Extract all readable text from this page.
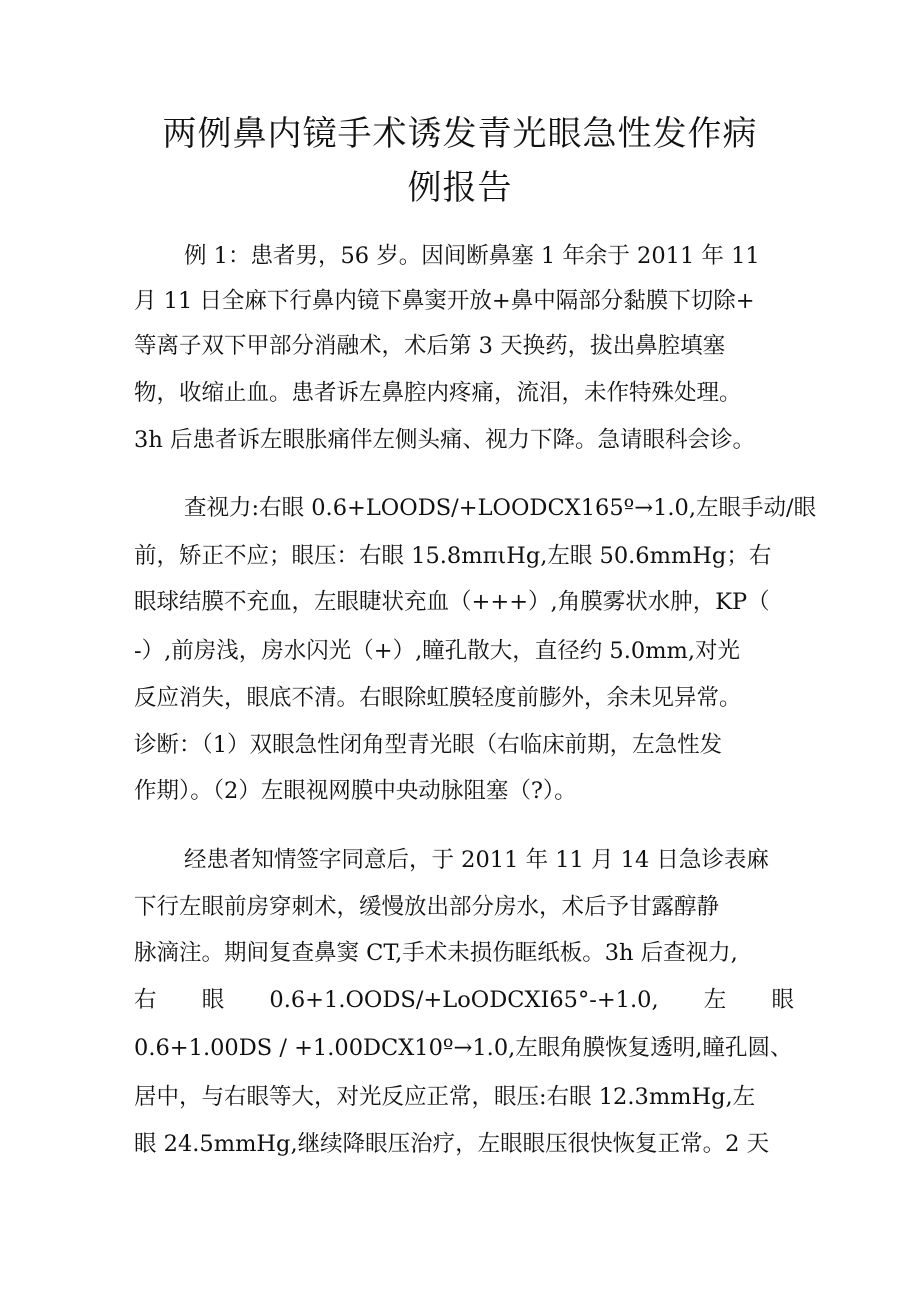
两例鼻内镜手术诱发青光眼急性发作病
例报告
例 1：患者男，56 岁。因间断鼻塞 1 年余于 2011 年 11
月 11 日全麻下行鼻内镜下鼻窦开放+鼻中隔部分黏膜下切除+
等离子双下甲部分消融术，术后第 3 天换药，拔出鼻腔填塞
物，收缩止血。患者诉左鼻腔内疼痛，流泪，未作特殊处理。
3h 后患者诉左眼胀痛伴左侧头痛、视力下降。急请眼科会诊。
查视力:右眼 0.6+LOODS/+LOODCX165º→1.0,左眼手动/眼
前，矫正不应；眼压：右眼 15.8mπιHg,左眼 50.6mmHg；右
眼球结膜不充血，左眼睫状充血（+++）,角膜雾状水肿，KP（
-）,前房浅，房水闪光（+）,瞳孔散大，直径约 5.0mm,对光
反应消失，眼底不清。右眼除虹膜轻度前膨外，余未见异常。
诊断：（1）双眼急性闭角型青光眼（右临床前期，左急性发
作期）。（2）左眼视网膜中央动脉阻塞（?）。
经患者知情签字同意后，于 2011 年 11 月 14 日急诊表麻
下行左眼前房穿刺术，缓慢放出部分房水，术后予甘露醇静
脉滴注。期间复查鼻窦 CT,手术未损伤眶纸板。3h 后查视力,
右 眼 0.6+1.OODS/+LoODCXI65°-+1.0, 左 眼
0.6+1.00DS / +1.00DCX10º→1.0,左眼角膜恢复透明,瞳孔圆、
居中，与右眼等大，对光反应正常，眼压:右眼 12.3mmHg,左
眼 24.5mmHg,继续降眼压治疗，左眼眼压很快恢复正常。2 天
